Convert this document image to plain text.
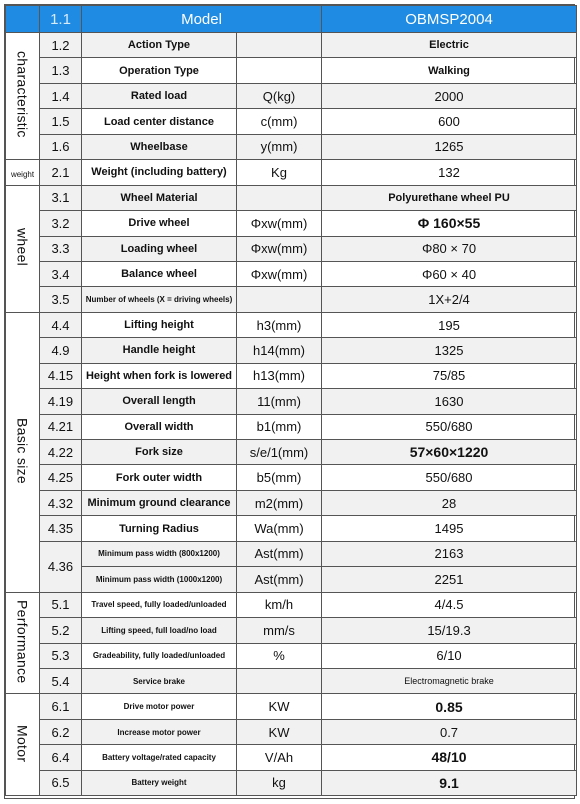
	1.1	Model		OBMSP2004
characteristic	1.2	Action Type		Electric
	1.3	Operation Type		Walking
	1.4	Rated load	Q(kg)	2000
	1.5	Load center distance	c(mm)	600
	1.6	Wheelbase	y(mm)	1265
weight	2.1	Weight (including battery)	Kg	132
wheel	3.1	Wheel Material		Polyurethane wheel PU
	3.2	Drive wheel	Φxw(mm)	Φ 160×55
	3.3	Loading wheel	Φxw(mm)	Φ80 × 70
	3.4	Balance wheel	Φxw(mm)	Φ60 × 40
	3.5	Number of wheels (X = driving wheels)		1X+2/4
Basic size	4.4	Lifting height	h3(mm)	195
	4.9	Handle height	h14(mm)	1325
	4.15	Height when fork is lowered	h13(mm)	75/85
	4.19	Overall length	11(mm)	1630
	4.21	Overall width	b1(mm)	550/680
	4.22	Fork size	s/e/1(mm)	57×60×1220
	4.25	Fork outer width	b5(mm)	550/680
	4.32	Minimum ground clearance	m2(mm)	28
	4.35	Turning Radius	Wa(mm)	1495
	4.36	Minimum pass width (800x1200)	Ast(mm)	2163
		Minimum pass width (1000x1200)	Ast(mm)	2251
Performance	5.1	Travel speed, fully loaded/unloaded	km/h	4/4.5
	5.2	Lifting speed, full load/no load	mm/s	15/19.3
	5.3	Gradeability, fully loaded/unloaded	%	6/10
	5.4	Service brake		Electromagnetic brake
Motor	6.1	Drive motor power	KW	0.85
	6.2	Increase motor power	KW	0.7
	6.4	Battery voltage/rated capacity	V/Ah	48/10
	6.5	Battery weight	kg	9.1
